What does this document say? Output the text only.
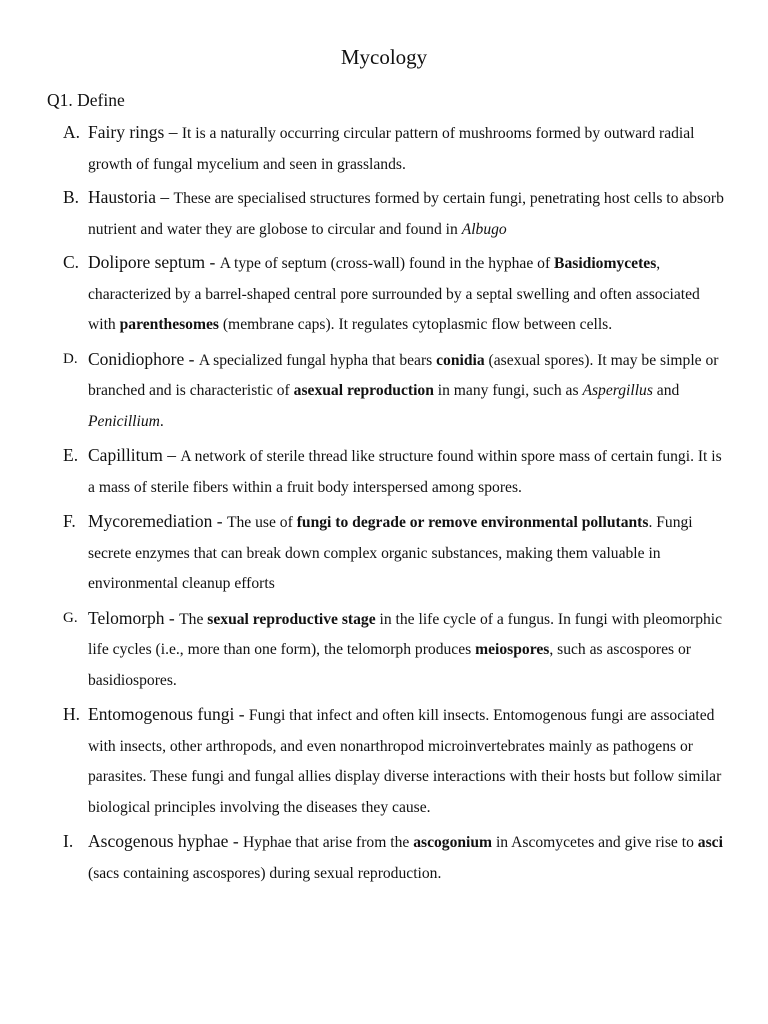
Mycology
Q1. Define
A. Fairy rings – It is a naturally occurring circular pattern of mushrooms formed by outward radial growth of fungal mycelium and seen in grasslands.
B. Haustoria – These are specialised structures formed by certain fungi, penetrating host cells to absorb nutrient and water they are globose to circular and found in Albugo
C. Dolipore septum - A type of septum (cross-wall) found in the hyphae of Basidiomycetes, characterized by a barrel-shaped central pore surrounded by a septal swelling and often associated with parenthesomes (membrane caps). It regulates cytoplasmic flow between cells.
D. Conidiophore - A specialized fungal hypha that bears conidia (asexual spores). It may be simple or branched and is characteristic of asexual reproduction in many fungi, such as Aspergillus and Penicillium.
E. Capillitum – A network of sterile thread like structure found within spore mass of certain fungi. It is a mass of sterile fibers within a fruit body interspersed among spores.
F. Mycoremediation - The use of fungi to degrade or remove environmental pollutants. Fungi secrete enzymes that can break down complex organic substances, making them valuable in environmental cleanup efforts
G. Telomorph - The sexual reproductive stage in the life cycle of a fungus. In fungi with pleomorphic life cycles (i.e., more than one form), the telomorph produces meiospores, such as ascospores or basidiospores.
H. Entomogenous fungi - Fungi that infect and often kill insects. Entomogenous fungi are associated with insects, other arthropods, and even nonarthropod microinvertebrates mainly as pathogens or parasites. These fungi and fungal allies display diverse interactions with their hosts but follow similar biological principles involving the diseases they cause.
I. Ascogenous hyphae - Hyphae that arise from the ascogonium in Ascomycetes and give rise to asci (sacs containing ascospores) during sexual reproduction.
